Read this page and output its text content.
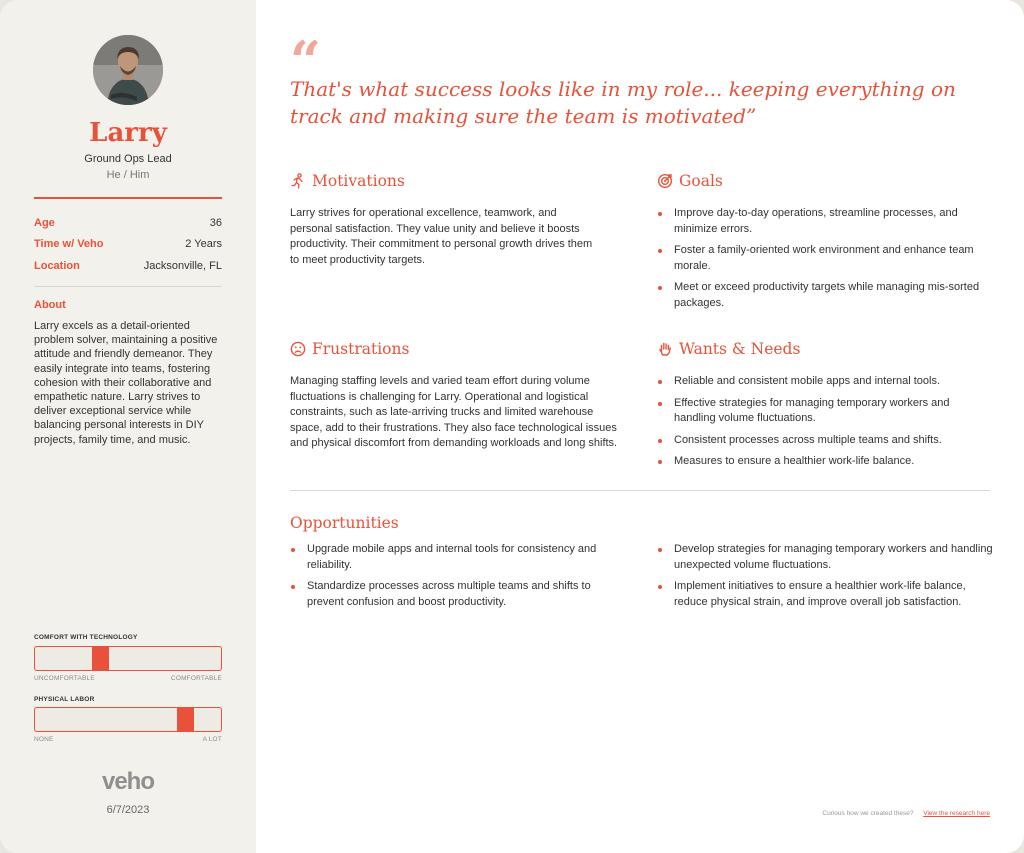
Larry
Ground Ops Lead
He / Him
Age	36
Time w/ Veho	2 Years
Location	Jacksonville, FL
About
Larry excels as a detail-oriented problem solver, maintaining a positive attitude and friendly demeanor. They easily integrate into teams, fostering cohesion with their collaborative and empathetic nature. Larry strives to deliver exceptional service while balancing personal interests in DIY projects, family time, and music.
COMFORT WITH TECHNOLOGY
UNCOMFORTABLE	COMFORTABLE
PHYSICAL LABOR
NONE	A LOT
vehо
6/7/2023
“
That's what success looks like in my role... keeping everything on track and making sure the team is motivated”
Motivations
Larry strives for operational excellence, teamwork, and personal satisfaction. They value unity and believe it boosts productivity. Their commitment to personal growth drives them to meet productivity targets.
Goals
Improve day-to-day operations, streamline processes, and minimize errors.
Foster a family-oriented work environment and enhance team morale.
Meet or exceed productivity targets while managing mis-sorted packages.
Frustrations
Managing staffing levels and varied team effort during volume fluctuations is challenging for Larry. Operational and logistical constraints, such as late-arriving trucks and limited warehouse space, add to their frustrations. They also face technological issues and physical discomfort from demanding workloads and long shifts.
Wants & Needs
Reliable and consistent mobile apps and internal tools.
Effective strategies for managing temporary workers and handling volume fluctuations.
Consistent processes across multiple teams and shifts.
Measures to ensure a healthier work-life balance.
Opportunities
Upgrade mobile apps and internal tools for consistency and reliability.
Standardize processes across multiple teams and shifts to prevent confusion and boost productivity.
Develop strategies for managing temporary workers and handling unexpected volume fluctuations.
Implement initiatives to ensure a healthier work-life balance, reduce physical strain, and improve overall job satisfaction.
Curious how we created these? View the research here
